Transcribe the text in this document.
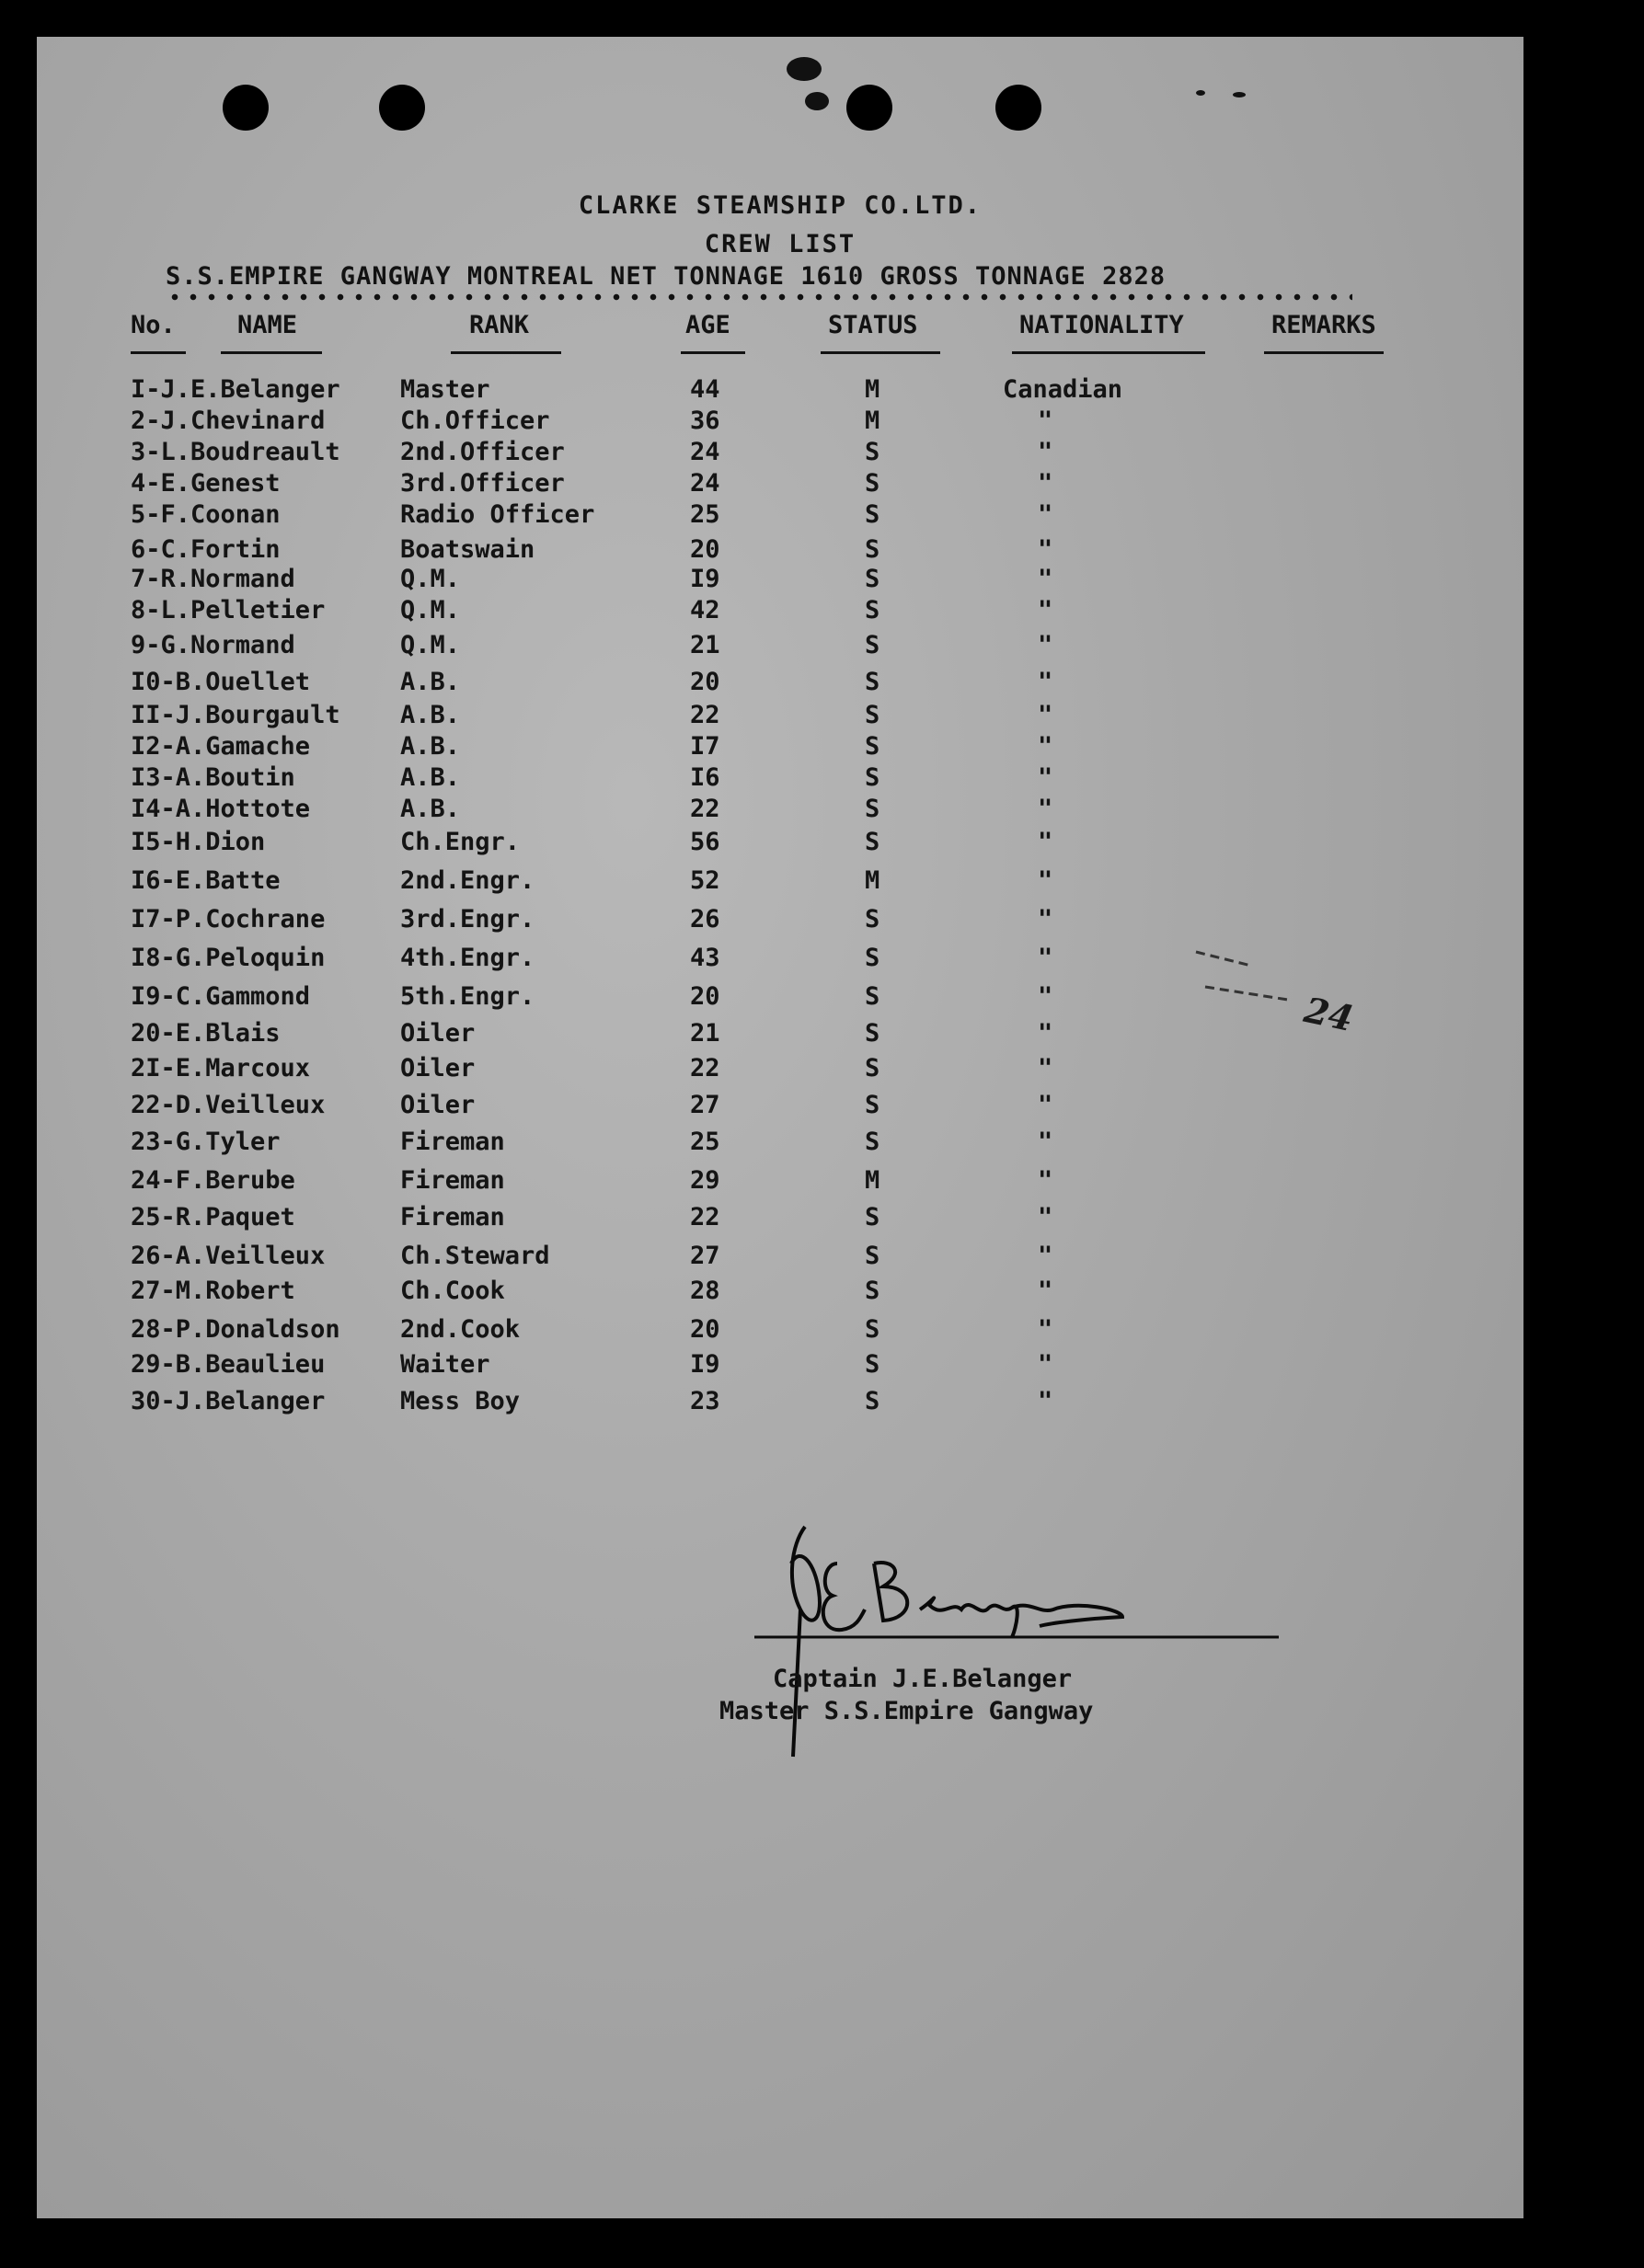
CLARKE STEAMSHIP CO.LTD.
CREW LIST
S.S.EMPIRE GANGWAY MONTREAL NET TONNAGE 1610 GROSS TONNAGE 2828
No. NAME	RANK	AGE	STATUS	NATIONALITY	REMARKS
I-J.E.Belanger Master	44	M	Canadian
2-J.Chevinard	Ch.Officer	36	M	"
3-L.Boudreault 2nd.Officer	24	S	"
4-E.Genest	3rd.Officer	24	S	"
5-F.Coonan	Radio Officer	25	S	"
6-C.Fortin	Boatswain	20	S	"
7-R.Normand	Q.M.	I9	S	"
8-L.Pelletier	Q.M.	42	S	"
9-G.Normand	Q.M.	21	S	"
I0-B.Ouellet	A.B.	20	S	"
II-J.Bourgault A.B.	22	S	"
I2-A.Gamache	A.B.	I7	S	"
I3-A.Boutin	A.B.	I6	S	"
I4-A.Hottote	A.B.	22	S	"
I5-H.Dion	Ch.Engr.	56	S	"
I6-E.Batte	2nd.Engr.	52	M	"
I7-P.Cochrane	3rd.Engr.	26	S	"
I8-G.Peloquin	4th.Engr.	43	S	"
I9-C.Gammond	5th.Engr.	20	S	"
20-E.Blais	Oiler	21	S	"
2I-E.Marcoux	Oiler	22	S	"
22-D.Veilleux	Oiler	27	S	"
23-G.Tyler	Fireman	25	S	"
24-F.Berube	Fireman	29	M	"
25-R.Paquet	Fireman	22	S	"
26-A.Veilleux	Ch.Steward	27	S	"
27-M.Robert	Ch.Cook	28	S	"
28-P.Donaldson 2nd.Cook	20	S	"
29-B.Beaulieu	Waiter	I9	S	"
30-J.Belanger	Mess Boy	23	S	"
24
Captain J.E.Belanger
Master S.S.Empire Gangway
